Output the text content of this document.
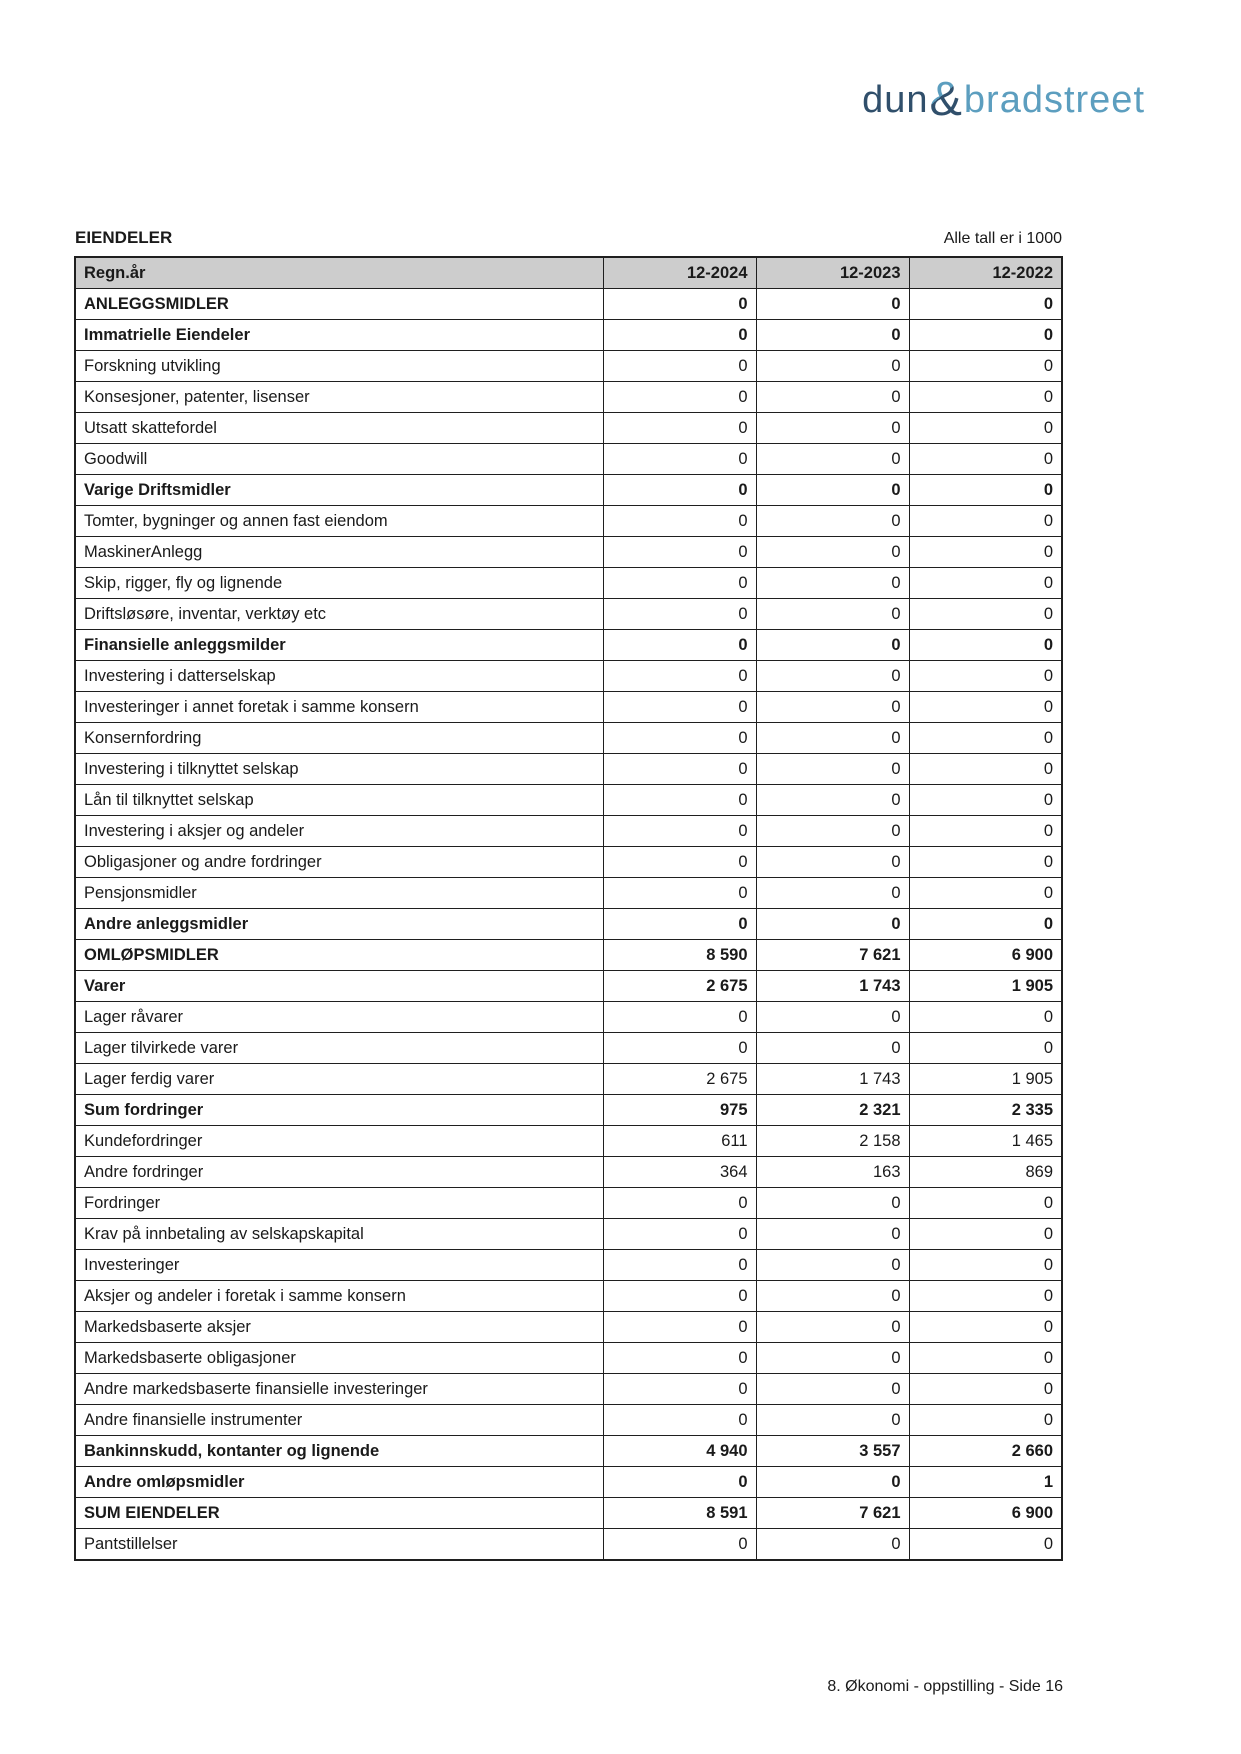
dun&bradstreet
EIENDELER	Alle tall er i 1000
Regn.år	12-2024	12-2023	12-2022
ANLEGGSMIDLER	0	0	0
Immatrielle Eiendeler	0	0	0
Forskning utvikling	0	0	0
Konsesjoner, patenter, lisenser	0	0	0
Utsatt skattefordel	0	0	0
Goodwill	0	0	0
Varige Driftsmidler	0	0	0
Tomter, bygninger og annen fast eiendom	0	0	0
MaskinerAnlegg	0	0	0
Skip, rigger, fly og lignende	0	0	0
Driftsløsøre, inventar, verktøy etc	0	0	0
Finansielle anleggsmilder	0	0	0
Investering i datterselskap	0	0	0
Investeringer i annet foretak i samme konsern	0	0	0
Konsernfordring	0	0	0
Investering i tilknyttet selskap	0	0	0
Lån til tilknyttet selskap	0	0	0
Investering i aksjer og andeler	0	0	0
Obligasjoner og andre fordringer	0	0	0
Pensjonsmidler	0	0	0
Andre anleggsmidler	0	0	0
OMLØPSMIDLER	8 590	7 621	6 900
Varer	2 675	1 743	1 905
Lager råvarer	0	0	0
Lager tilvirkede varer	0	0	0
Lager ferdig varer	2 675	1 743	1 905
Sum fordringer	975	2 321	2 335
Kundefordringer	611	2 158	1 465
Andre fordringer	364	163	869
Fordringer	0	0	0
Krav på innbetaling av selskapskapital	0	0	0
Investeringer	0	0	0
Aksjer og andeler i foretak i samme konsern	0	0	0
Markedsbaserte aksjer	0	0	0
Markedsbaserte obligasjoner	0	0	0
Andre markedsbaserte finansielle investeringer	0	0	0
Andre finansielle instrumenter	0	0	0
Bankinnskudd, kontanter og lignende	4 940	3 557	2 660
Andre omløpsmidler	0	0	1
SUM EIENDELER	8 591	7 621	6 900
Pantstillelser	0	0	0
8. Økonomi - oppstilling - Side 16
